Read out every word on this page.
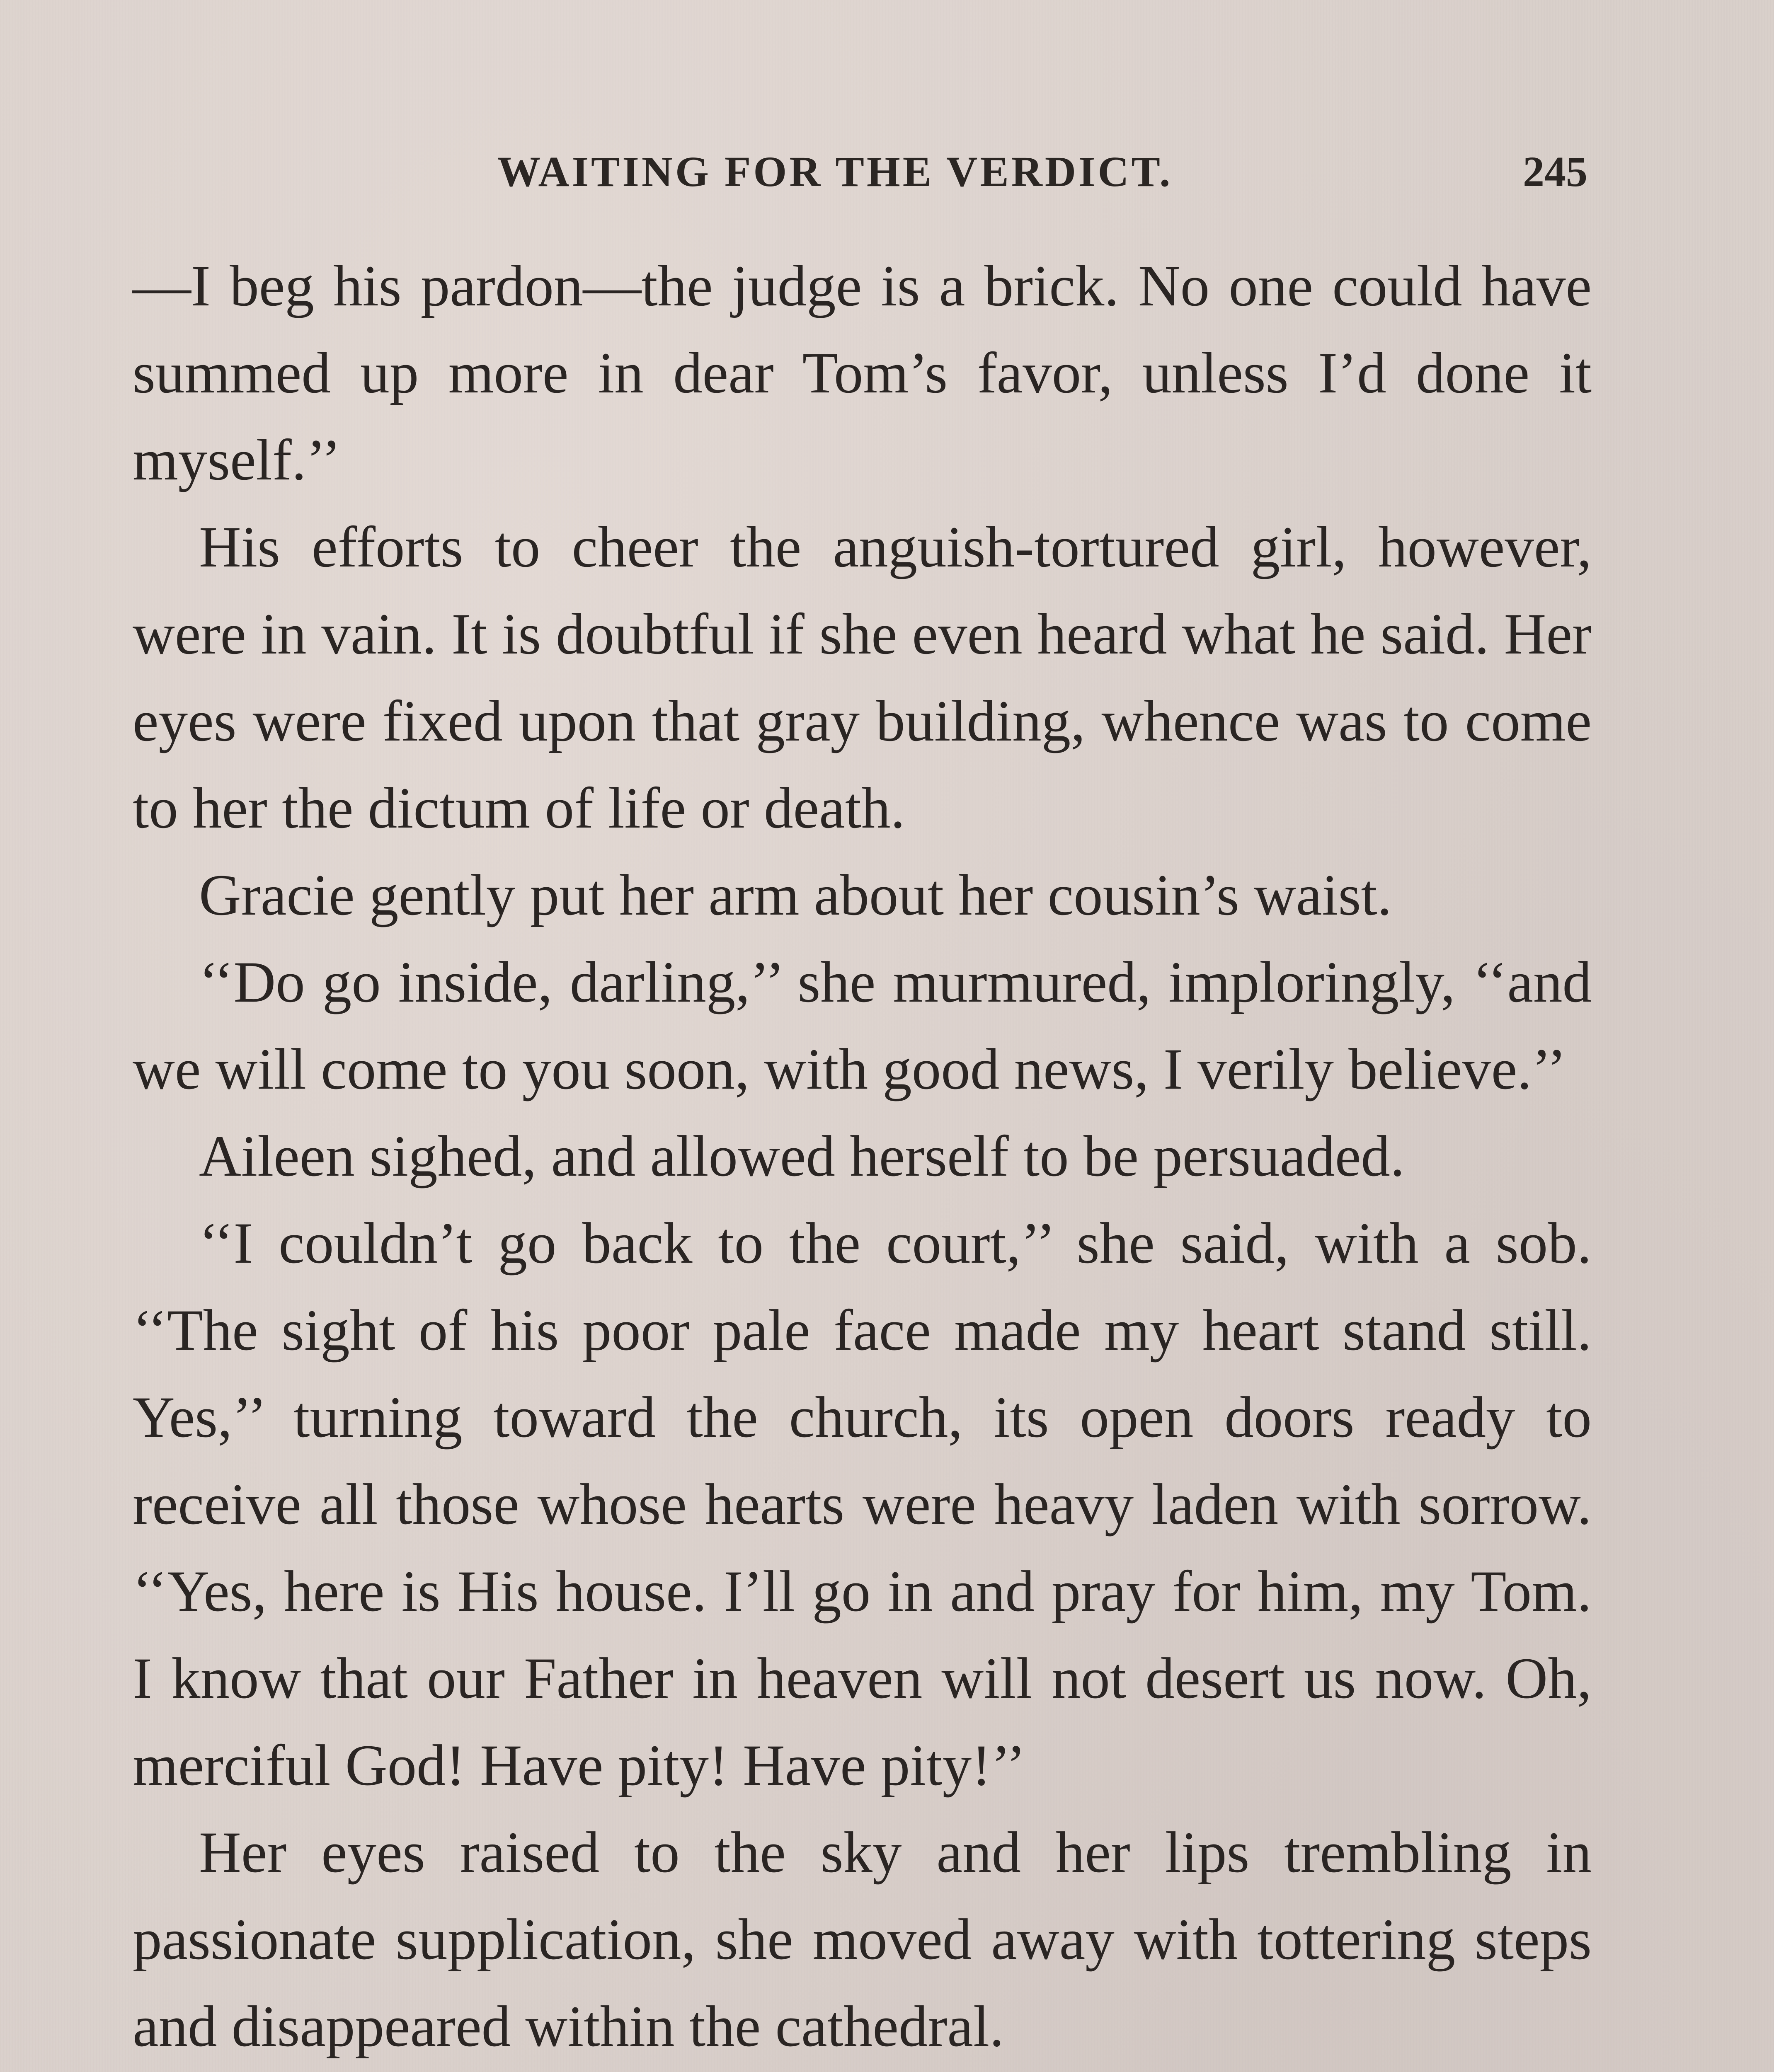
WAITING FOR THE VERDICT.	245

—I beg his pardon—the judge is a brick. No one could have summed up more in dear Tom’s favor, unless I’d done it myself.’’

His efforts to cheer the anguish-tortured girl, however, were in vain. It is doubtful if she even heard what he said. Her eyes were fixed upon that gray building, whence was to come to her the dictum of life or death.

Gracie gently put her arm about her cousin’s waist.

‘‘Do go inside, darling,’’ she murmured, imploringly, ‘‘and we will come to you soon, with good news, I verily believe.’’

Aileen sighed, and allowed herself to be persuaded.

‘‘I couldn’t go back to the court,’’ she said, with a sob. ‘‘The sight of his poor pale face made my heart stand still. Yes,’’ turning toward the church, its open doors ready to receive all those whose hearts were heavy laden with sorrow. ‘‘Yes, here is His house. I’ll go in and pray for him, my Tom. I know that our Father in heaven will not desert us now. Oh, merciful God! Have pity! Have pity!’’

Her eyes raised to the sky and her lips trembling in passionate supplication, she moved away with tottering steps and disappeared within the cathedral.
